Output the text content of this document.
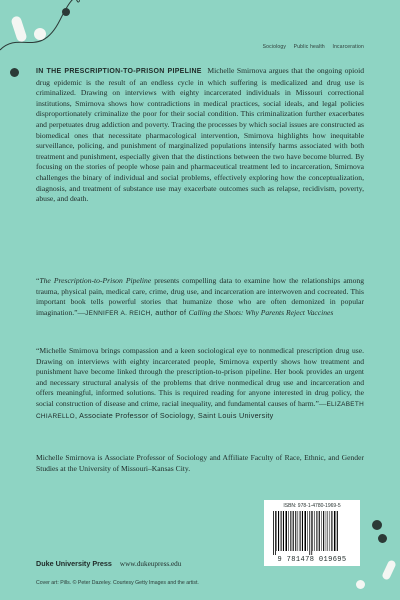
Sociology Public health Incarceration
IN THE PRESCRIPTION-TO-PRISON PIPELINE Michelle Smirnova argues that the ongoing opioid drug epidemic is the result of an endless cycle in which suffering is medicalized and drug use is criminalized. Drawing on interviews with eighty incarcerated individuals in Missouri correctional institutions, Smirnova shows how contradictions in medical practices, social ideals, and legal policies disproportionately criminalize the poor for their social condition. This criminalization further exacerbates and perpetuates drug addiction and poverty. Tracing the processes by which social issues are constructed as biomedical ones that necessitate pharmacological intervention, Smirnova highlights how inequitable surveillance, policing, and punishment of marginalized populations intensify harms associated with both treatment and punishment, especially given that the distinctions between the two have become blurred. By focusing on the stories of people whose pain and pharmaceutical treatment led to incarceration, Smirnova challenges the binary of individual and social problems, effectively exploring how the conceptualization, diagnosis, and treatment of substance use may exacerbate outcomes such as relapse, recidivism, poverty, abuse, and death.
“The Prescription-to-Prison Pipeline presents compelling data to examine how the relationships among trauma, physical pain, medical care, crime, drug use, and incarceration are interwoven and cocreated. This important book tells powerful stories that humanize those who are often demonized in popular imagination.”—JENNIFER A. REICH, author of Calling the Shots: Why Parents Reject Vaccines
“Michelle Smirnova brings compassion and a keen sociological eye to nonmedical prescription drug use. Drawing on interviews with eighty incarcerated people, Smirnova expertly shows how treatment and punishment have become linked through the prescription-to-prison pipeline. Her book provides an urgent and necessary structural analysis of the problems that drive nonmedical drug use and incarceration and offers meaningful, informed solutions. This is required reading for anyone interested in drug policy, the social construction of disease and crime, racial inequality, and fundamental causes of harm.”—ELIZABETH CHIARELLO, Associate Professor of Sociology, Saint Louis University
Michelle Smirnova is Associate Professor of Sociology and Affiliate Faculty of Race, Ethnic, and Gender Studies at the University of Missouri–Kansas City.
Duke University Press www.dukeupress.edu
Cover art: Pills. © Peter Dazeley. Courtesy Getty Images and the artist.
ISBN: 978-1-4780-1969-5
9 781478 019695
